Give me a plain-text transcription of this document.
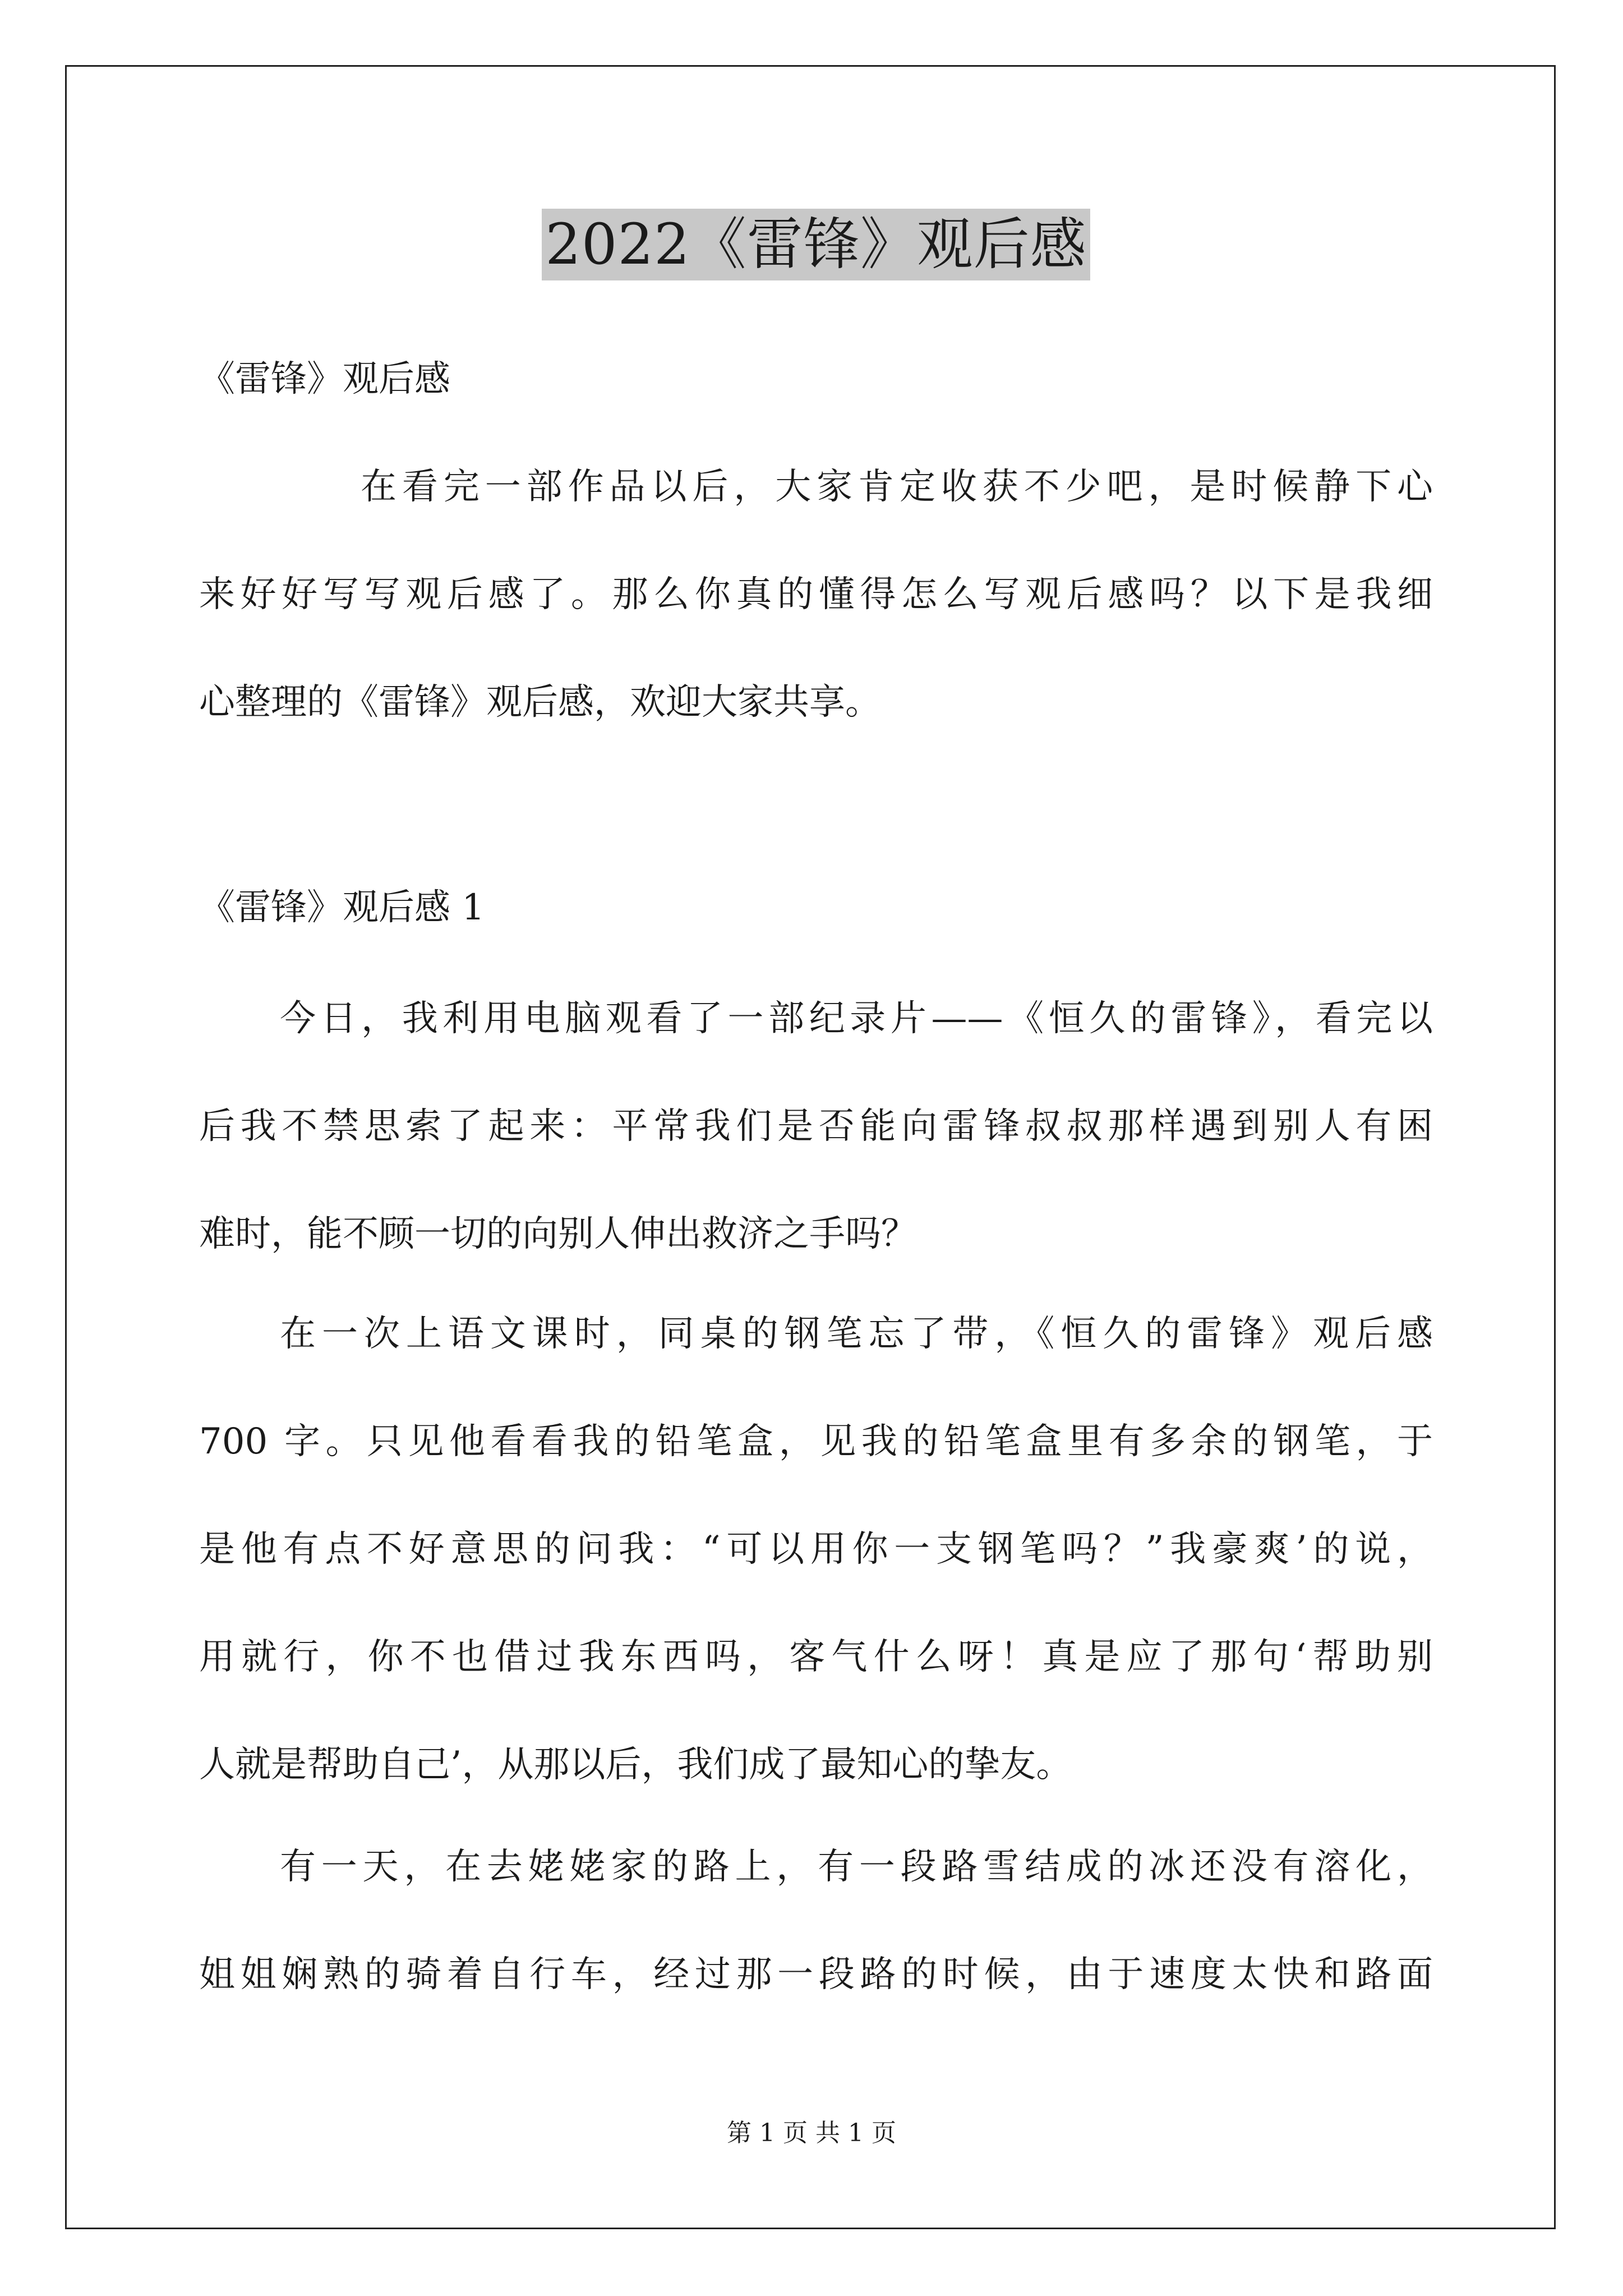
2022《雷锋》观后感
《雷锋》观后感
在看完一部作品以后，大家肯定收获不少吧，是时候静下心
来好好写写观后感了。那么你真的懂得怎么写观后感吗？以下是我细
心整理的《雷锋》观后感，欢迎大家共享。
《雷锋》观后感 1
今日，我利用电脑观看了一部纪录片——《恒久的雷锋》，看完以
后我不禁思索了起来：平常我们是否能向雷锋叔叔那样遇到别人有困
难时，能不顾一切的向别人伸出救济之手吗？
在一次上语文课时，同桌的钢笔忘了带，《恒久的雷锋》观后感
700 字。只见他看看我的铅笔盒，见我的铅笔盒里有多余的钢笔，于
是他有点不好意思的问我：“可以用你一支钢笔吗？”我豪爽’的说，
用就行，你不也借过我东西吗，客气什么呀！真是应了那句‘帮助别
人就是帮助自己’，从那以后，我们成了最知心的挚友。
有一天，在去姥姥家的路上，有一段路雪结成的冰还没有溶化，
姐姐娴熟的骑着自行车，经过那一段路的时候，由于速度太快和路面
第 1 页 共 1 页
